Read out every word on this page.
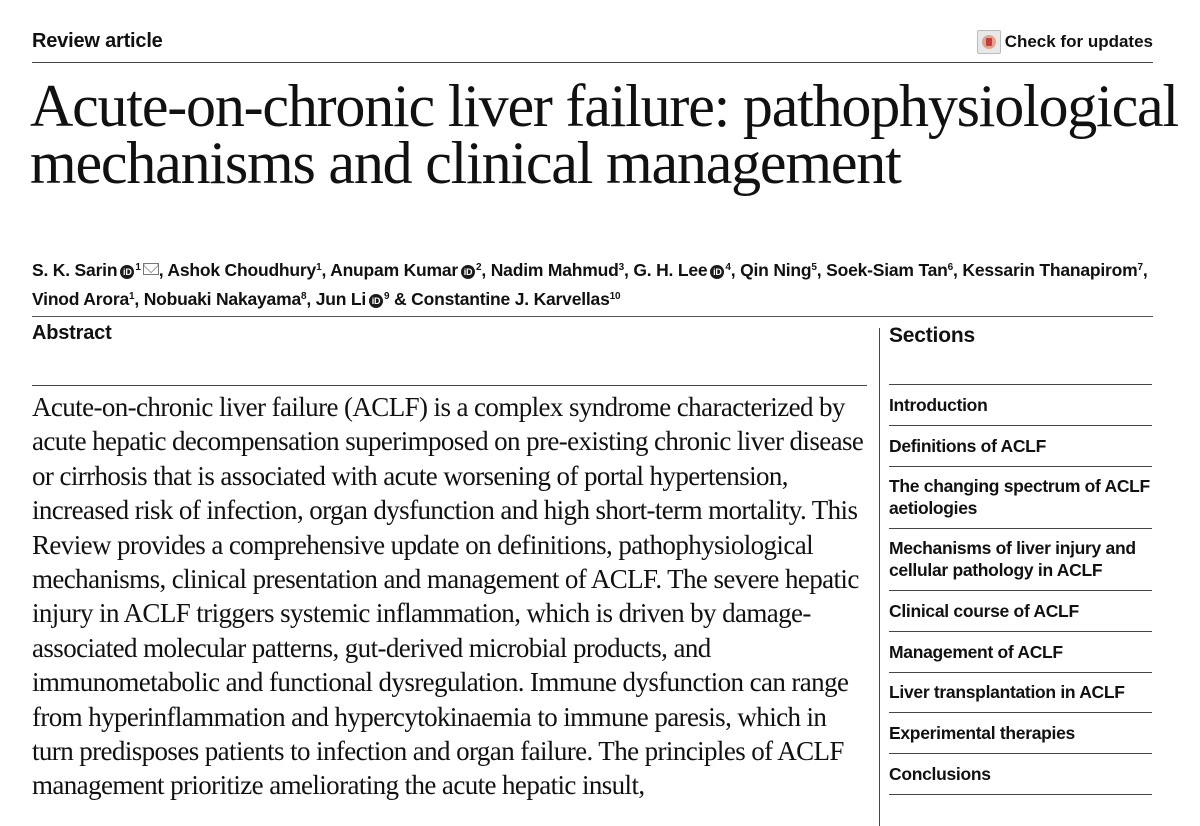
Review article	Check for updates
Acute-on-chronic liver failure: pathophysiological mechanisms and clinical management
S. K. Sarin iD $^1$ , Ashok Choudhury$^1$, Anupam Kumar iD $^2$, Nadim Mahmud$^3$, G. H. Lee iD $^4$, Qin Ning$^5$, Soek-Siam Tan$^6$, Kessarin Thanapirom$^7$, Vinod Arora$^1$, Nobuaki Nakayama$^8$, Jun Li iD $^9$ & Constantine J. Karvellas$^{10}$
Abstract

Acute-on-chronic liver failure (ACLF) is a complex syndrome characterized by acute hepatic decompensation superimposed on pre-existing chronic liver disease or cirrhosis that is associated with acute worsening of portal hypertension, increased risk of infection, organ dysfunction and high short-term mortality. This Review provides a comprehensive update on definitions, pathophysiological mechanisms, clinical presentation and management of ACLF. The severe hepatic injury in ACLF triggers systemic inflammation, which is driven by damage-associated molecular patterns, gut-derived microbial products, and immunometabolic and functional dysregulation. Immune dysfunction can range from hyperinflammation and hypercytokinaemia to immune paresis, which in turn predisposes patients to infection and organ failure. The principles of ACLF management prioritize ameliorating the acute hepatic insult,

Sections
Introduction
Definitions of ACLF
The changing spectrum of ACLF aetiologies
Mechanisms of liver injury and cellular pathology in ACLF
Clinical course of ACLF
Management of ACLF
Liver transplantation in ACLF
Experimental therapies
Conclusions
